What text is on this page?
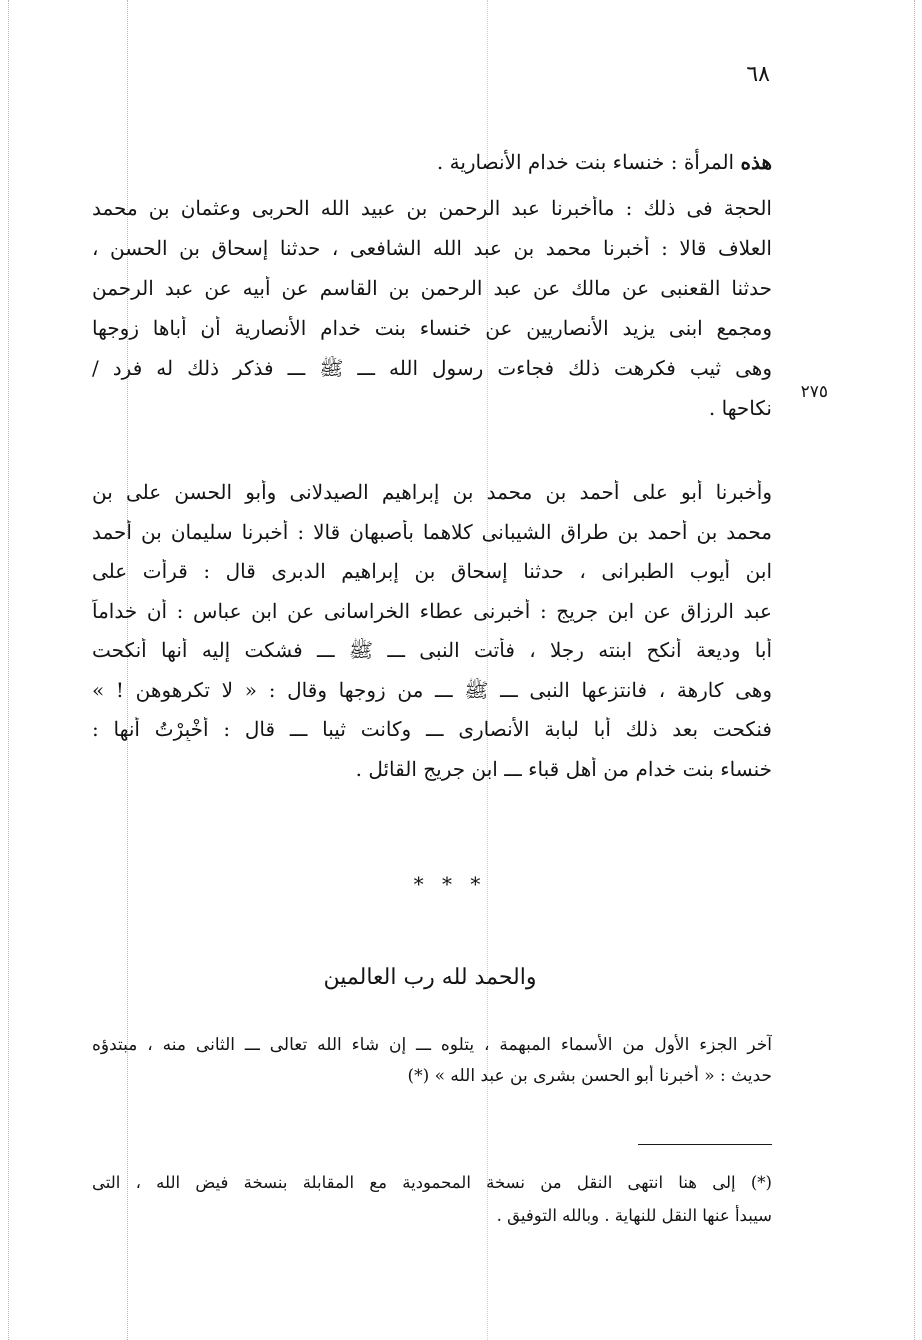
٦٨
هذه المرأة : خنساء بنت خدام الأنصارية .
الحجة فى ذلك : ماأخبرنا عبد الرحمن بن عبيد الله الحربى وعثمان بن محمد
العلاف قالا : أخبرنا محمد بن عبد الله الشافعى ، حدثنا إسحاق بن الحسن ،
حدثنا القعنبى عن مالك عن عبد الرحمن بن القاسم عن أبيه عن عبد الرحمن
ومجمع ابنى يزيد الأنصاريين عن خنساء بنت خدام الأنصارية أن أباها زوجها
وهى ثيب فكرهت ذلك فجاءت رسول الله ـــ ﷺ ـــ فذكر ذلك له فرد /
نكاحها .
٢٧٥
وأخبرنا أبو على أحمد بن محمد بن إبراهيم الصيدلانى وأبو الحسن على بن
محمد بن أحمد بن طراق الشيبانى كلاهما بأصبهان قالا : أخبرنا سليمان بن أحمد
ابن أيوب الطبرانى ، حدثنا إسحاق بن إبراهيم الدبرى قال : قرأت على
عبد الرزاق عن ابن جريج : أخبرنى عطاء الخراسانى عن ابن عباس : أن خداماً
أبا وديعة أنكح ابنته رجلا ، فأتت النبى ـــ ﷺ ـــ فشكت إليه أنها أنكحت
وهى كارهة ، فانتزعها النبى ـــ ﷺ ـــ من زوجها وقال : « لا تكرهوهن ! »
فنكحت بعد ذلك أبا لبابة الأنصارى ـــ وكانت ثيبا ـــ قال : أُخْبِرْتُ أنها :
خنساء بنت خدام من أهل قباء ـــ ابن جريج القائل .
* * *
والحمد لله رب العالمين
آخر الجزء الأول من الأسماء المبهمة ، يتلوه ـــ إن شاء الله تعالى ـــ الثانى منه ، مبتدؤه
حديث : « أخبرنا أبو الحسن بشرى بن عبد الله » (*)
(*) إلى هنا انتهى النقل من نسخة المحمودية مع المقابلة بنسخة فيض الله ، التى
سيبدأ عنها النقل للنهاية . وبالله التوفيق .
